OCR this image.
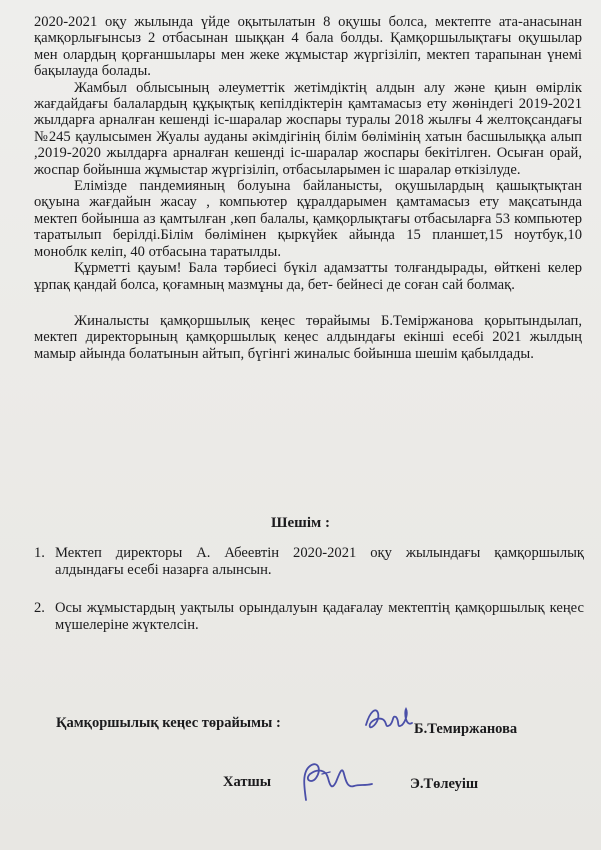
2020-2021 оқу жылында үйде оқытылатын 8 оқушы болса, мектепте ата-анасынан қамқорлығынсыз 2 отбасынан шыққан 4 бала болды. Қамқоршылықтағы оқушылар мен олардың қорғаншылары мен жеке жұмыстар жүргізіліп, мектеп тарапынан үнемі бақылауда болады.

Жамбыл облысының әлеуметтік жетімдіктің алдын алу және қиын өмірлік жағдайдағы балалардың құқықтық кепілдіктерін қамтамасыз ету жөніндегі 2019-2021 жылдарға арналған кешенді іс-шаралар жоспары туралы 2018 жылғы 4 желтоқсандағы №245 қаулысымен Жуалы ауданы әкімдігінің білім бөлімінің хатын басшылыққа алып ,2019-2020 жылдарға арналған кешенді іс-шаралар жоспары бекітілген. Осыған орай, жоспар бойынша жұмыстар жүргізіліп, отбасыларымен іс шаралар өткізілуде.

Елімізде пандемияның болуына байланысты, оқушылардың қашықтықтан оқуына жағдайын жасау , компьютер құралдарымен қамтамасыз ету мақсатында мектеп бойынша аз қамтылған ,көп балалы, қамқорлықтағы отбасыларға 53 компьютер таратылып берілді.Білім бөлімінен қыркүйек айында 15 планшет,15 ноутбук,10 моноблк келіп, 40 отбасына таратылды.

Құрметті қауым! Бала тәрбиесі бүкіл адамзатты толғандырады, өйткені келер ұрпақ қандай болса, қоғамның мазмұны да, бет- бейнесі де соған сай болмақ.

Жиналысты қамқоршылық кеңес төрайымы Б.Темiржанова қорытындылап, мектеп директорының қамқоршылық кеңес алдындағы екінші есебі 2021 жылдың мамыр айында болатынын айтып, бүгінгі жиналыс бойынша шешім қабылдады.

Шешім :
1. Мектеп директоры А. Абеевтін 2020-2021 оқу жылындағы қамқоршылық алдындағы есебі назарға алынсын.
2. Осы жұмыстардың уақтылы орындалуын қадағалау мектептің қамқоршылық кеңес мүшелеріне жүктелсін.
Қамқоршылық кеңес төрайымы :	Б.Темиржанова
Хатшы	Э.Төлеуіш
